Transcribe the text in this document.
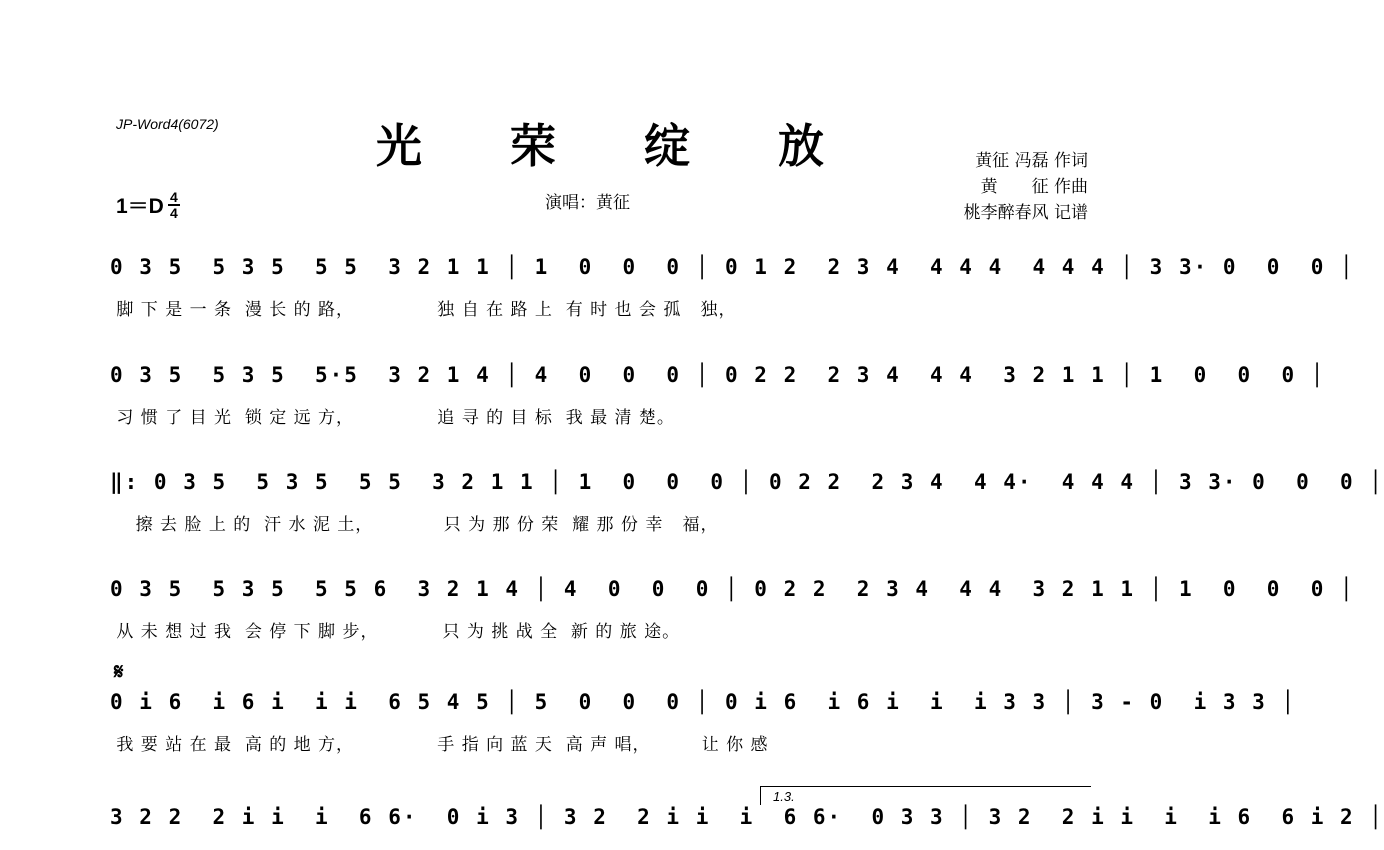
JP-Word4(6072)	光 荣 绽 放	黄征 冯磊 作词
黄　　征 作曲
桃李醉春风 记谱
演唱：黄征
$1=D \frac{4}{4}$
𝄋
0 3 5  5 3 5  5 5  3 2 1 1 │ 1  0  0  0 │ 0 1 2  2 3 4  4 4 4  4 4 4 │ 3 3· 0  0  0 │
脚 下 是 一 条  漫 长 的 路，             独 自 在 路 上  有 时 也 会 孤   独，
0 3 5  5 3 5  5·5  3 2 1 4 │ 4  0  0  0 │ 0 2 2  2 3 4  4 4  3 2 1 1 │ 1  0  0  0 │
习 惯 了 目 光  锁 定 远 方，             追 寻 的 目 标  我 最 清 楚。
‖: 0 3 5  5 3 5  5 5  3 2 1 1 │ 1  0  0  0 │ 0 2 2  2 3 4  4 4·  4 4 4 │ 3 3· 0  0  0 │
擦 去 脸 上 的  汗 水 泥 土，           只 为 那 份 荣  耀 那 份 幸   福，
0 3 5  5 3 5  5 5 6  3 2 1 4 │ 4  0  0  0 │ 0 2 2  2 3 4  4 4  3 2 1 1 │ 1  0  0  0 │
从 未 想 过 我  会 停 下 脚 步，          只 为 挑 战 全  新 的 旅 途。
0 i 6  i 6 i  i i  6 5 4 5 │ 5  0  0  0 │ 0 i 6  i 6 i  i  i 3 3 │ 3 - 0  i 3 3 │
我 要 站 在 最  高 的 地 方，             手 指 向 蓝 天  高 声 唱，        让 你 感
3 2 2  2 i i  i  6 6·  0 i 3 │ 3 2  2 i i  i  6 6·  0 3 3 │ 3 2  2 i i  i  i 6  6 i 2 │
1.3.
